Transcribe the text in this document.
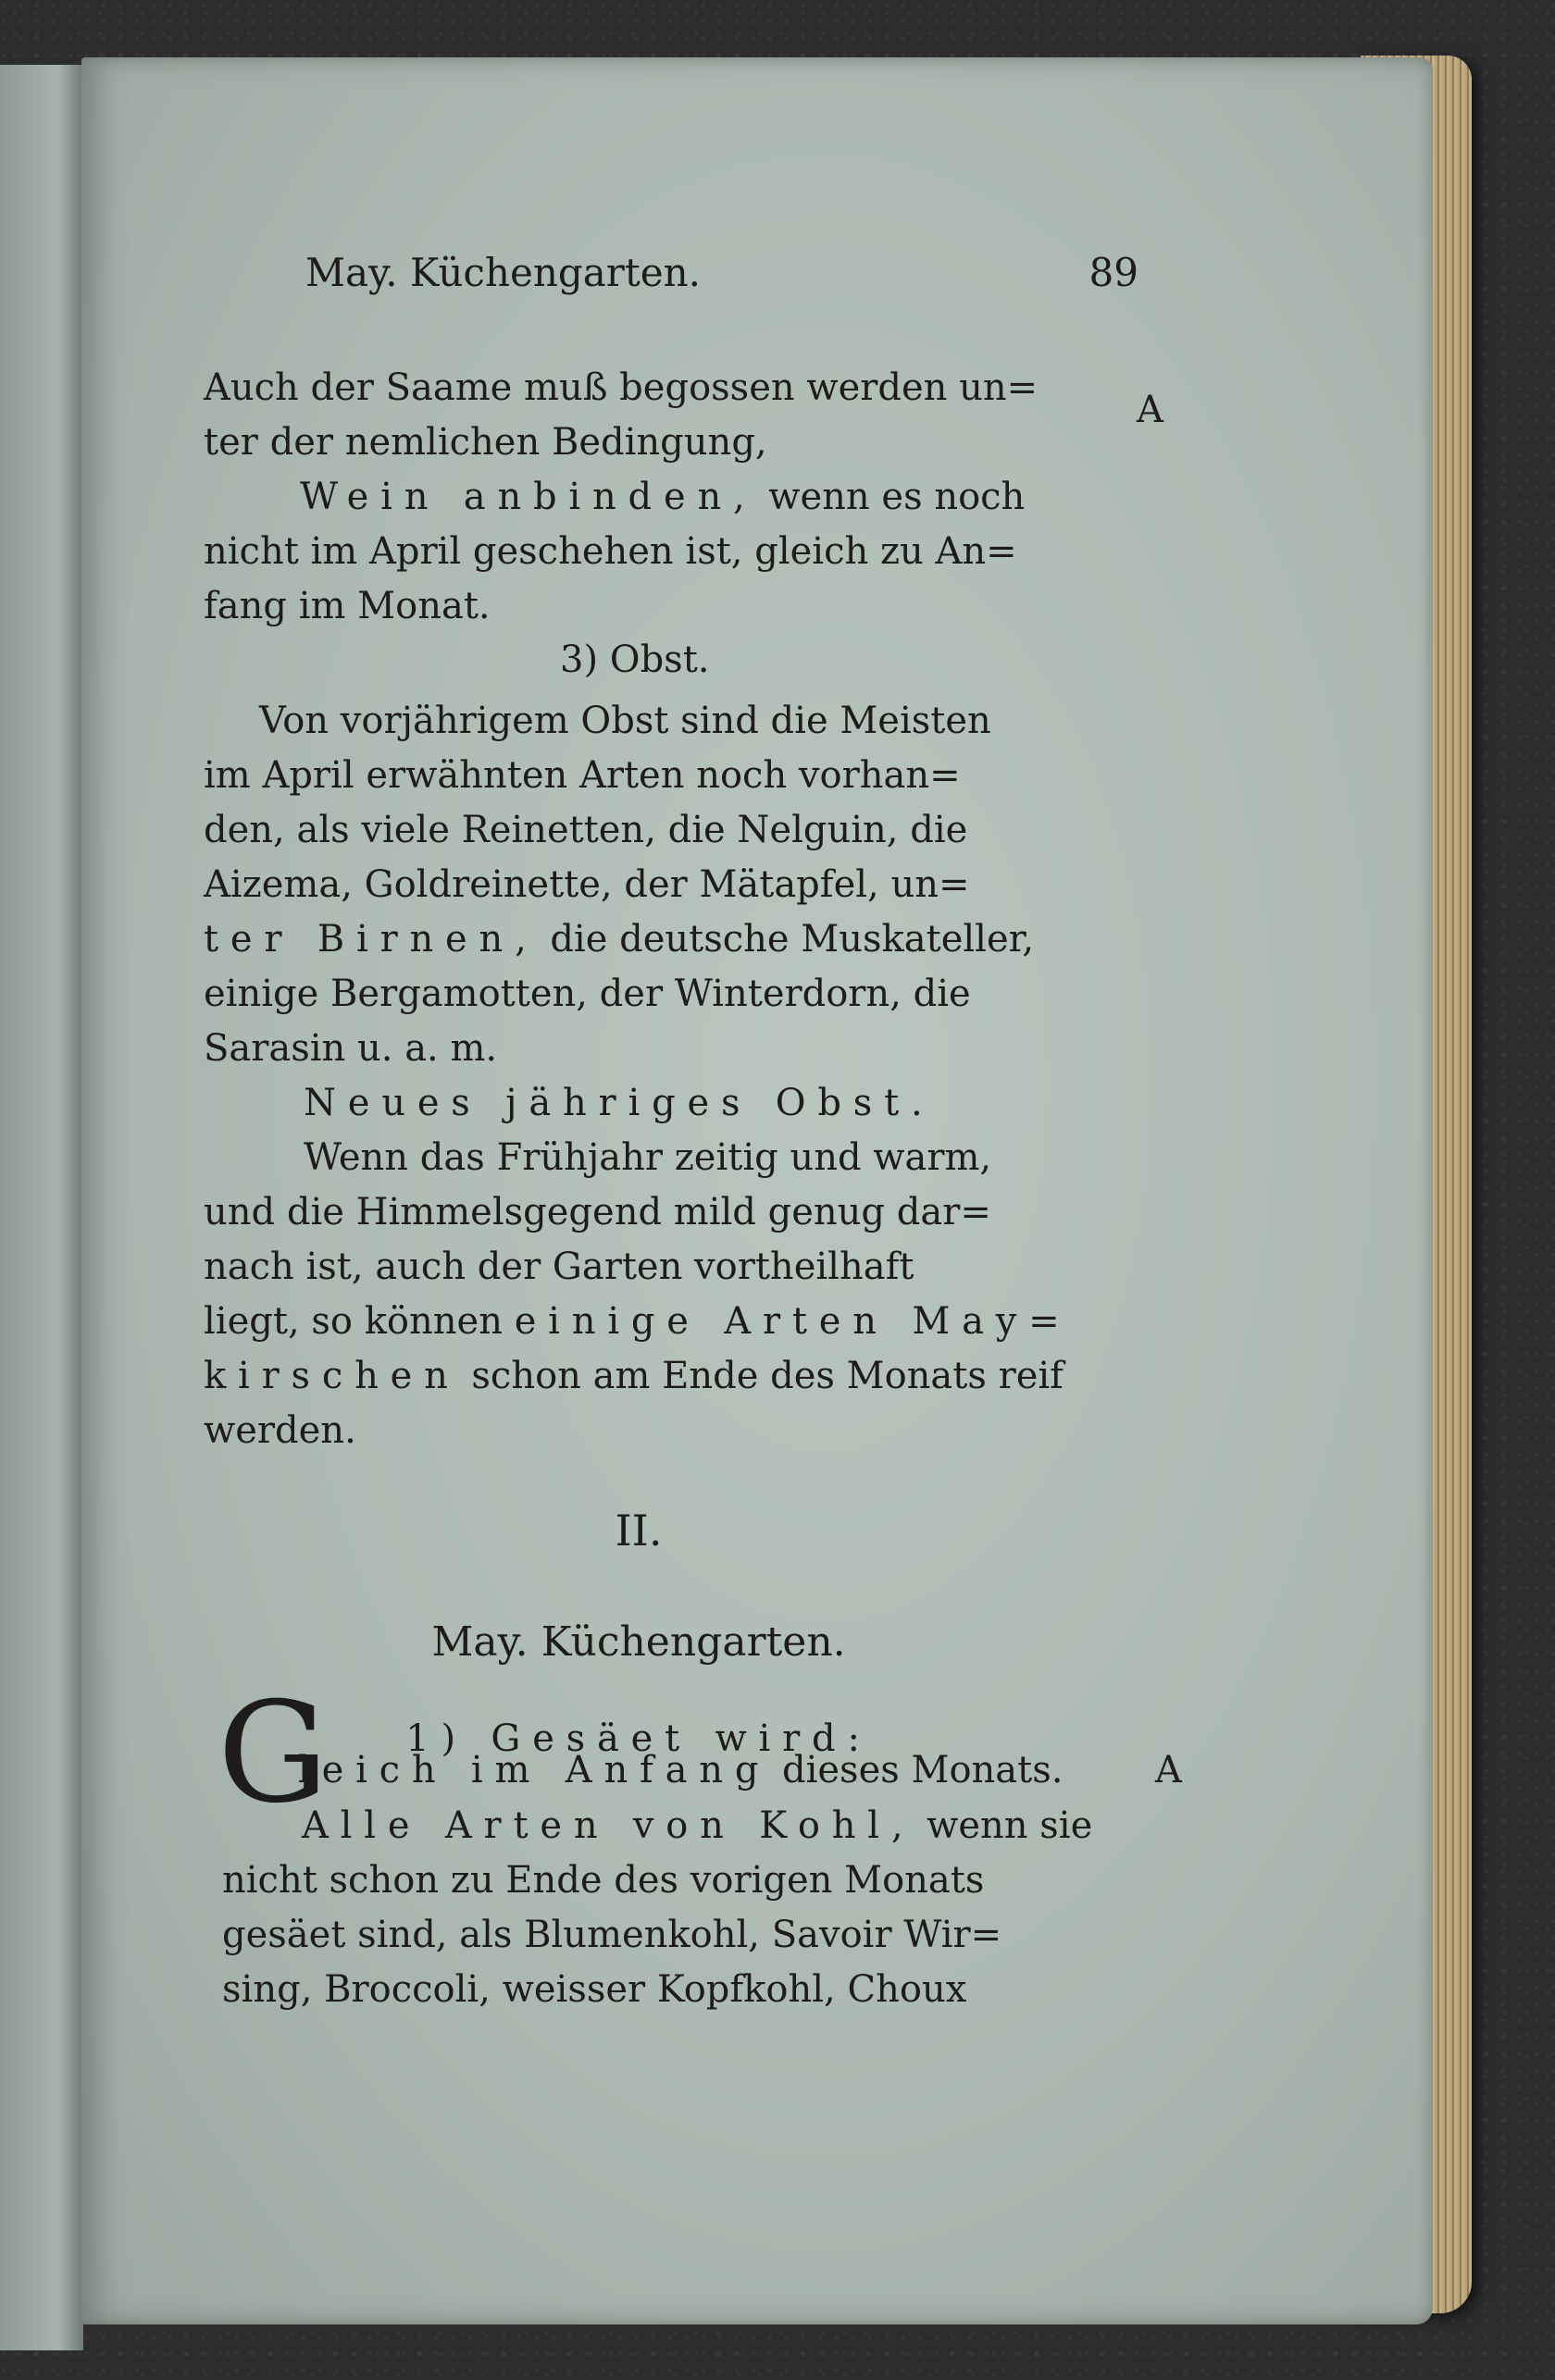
May. Küchengarten.	89
Auch der Saame muß begossen werden un=
ter der nemlichen Bedingung,
Wein anbinden, wenn es noch
nicht im April geschehen ist, gleich zu An=
fang im Monat.
3) Obst.
Von vorjährigem Obst sind die Meisten
im April erwähnten Arten noch vorhan=
den, als viele Reinetten, die Nelguin, die
Aizema, Goldreinette, der Mätapfel, un=
ter Birnen, die deutsche Muskateller,
einige Bergamotten, der Winterdorn, die
Sarasin u. a. m.
Neues jähriges Obst.
Wenn das Frühjahr zeitig und warm,
und die Himmelsgegend mild genug dar=
nach ist, auch der Garten vortheilhaft
liegt, so können einige Arten May=
kirschen schon am Ende des Monats reif
werden.
II.
May. Küchengarten.
1) Gesäet wird:
G
leich im Anfang dieses Monats.
Alle Arten von Kohl, wenn sie
nicht schon zu Ende des vorigen Monats
gesäet sind, als Blumenkohl, Savoir Wir=
sing, Broccoli, weisser Kopfkohl, Choux
A
A
